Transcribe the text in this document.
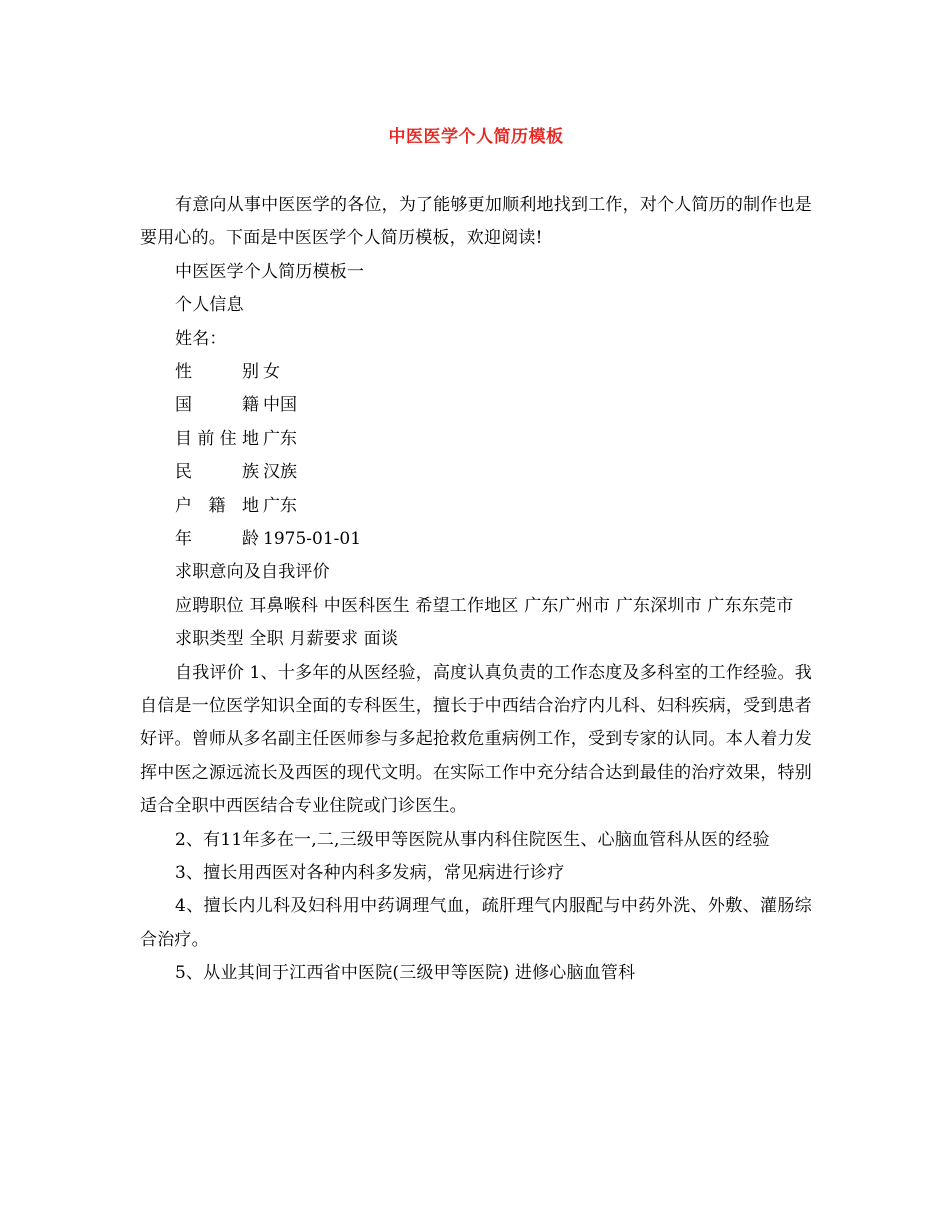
中医医学个人简历模板

有意向从事中医医学的各位，为了能够更加顺利地找到工作，对个人简历的制作也是要用心的。下面是中医医学个人简历模板，欢迎阅读!

中医医学个人简历模板一

个人信息

姓名：

性	别 女
国	籍 中国
目 前 住 地 广东
民	族 汉族
户 籍 地 广东
年	龄 1975-01-01

求职意向及自我评价

应聘职位 耳鼻喉科 中医科医生 希望工作地区 广东广州市 广东深圳市 广东东莞市

求职类型 全职 月薪要求 面谈

自我评价 1、十多年的从医经验，高度认真负责的工作态度及多科室的工作经验。我自信是一位医学知识全面的专科医生，擅长于中西结合治疗内儿科、妇科疾病，受到患者好评。曾师从多名副主任医师参与多起抢救危重病例工作，受到专家的认同。本人着力发挥中医之源远流长及西医的现代文明。在实际工作中充分结合达到最佳的治疗效果，特别适合全职中西医结合专业住院或门诊医生。

2、有11年多在一,二,三级甲等医院从事内科住院医生、心脑血管科从医的经验

3、擅长用西医对各种内科多发病，常见病进行诊疗

4、擅长内儿科及妇科用中药调理气血，疏肝理气内服配与中药外洗、外敷、灌肠综合治疗。

5、从业其间于江西省中医院(三级甲等医院) 进修心脑血管科
